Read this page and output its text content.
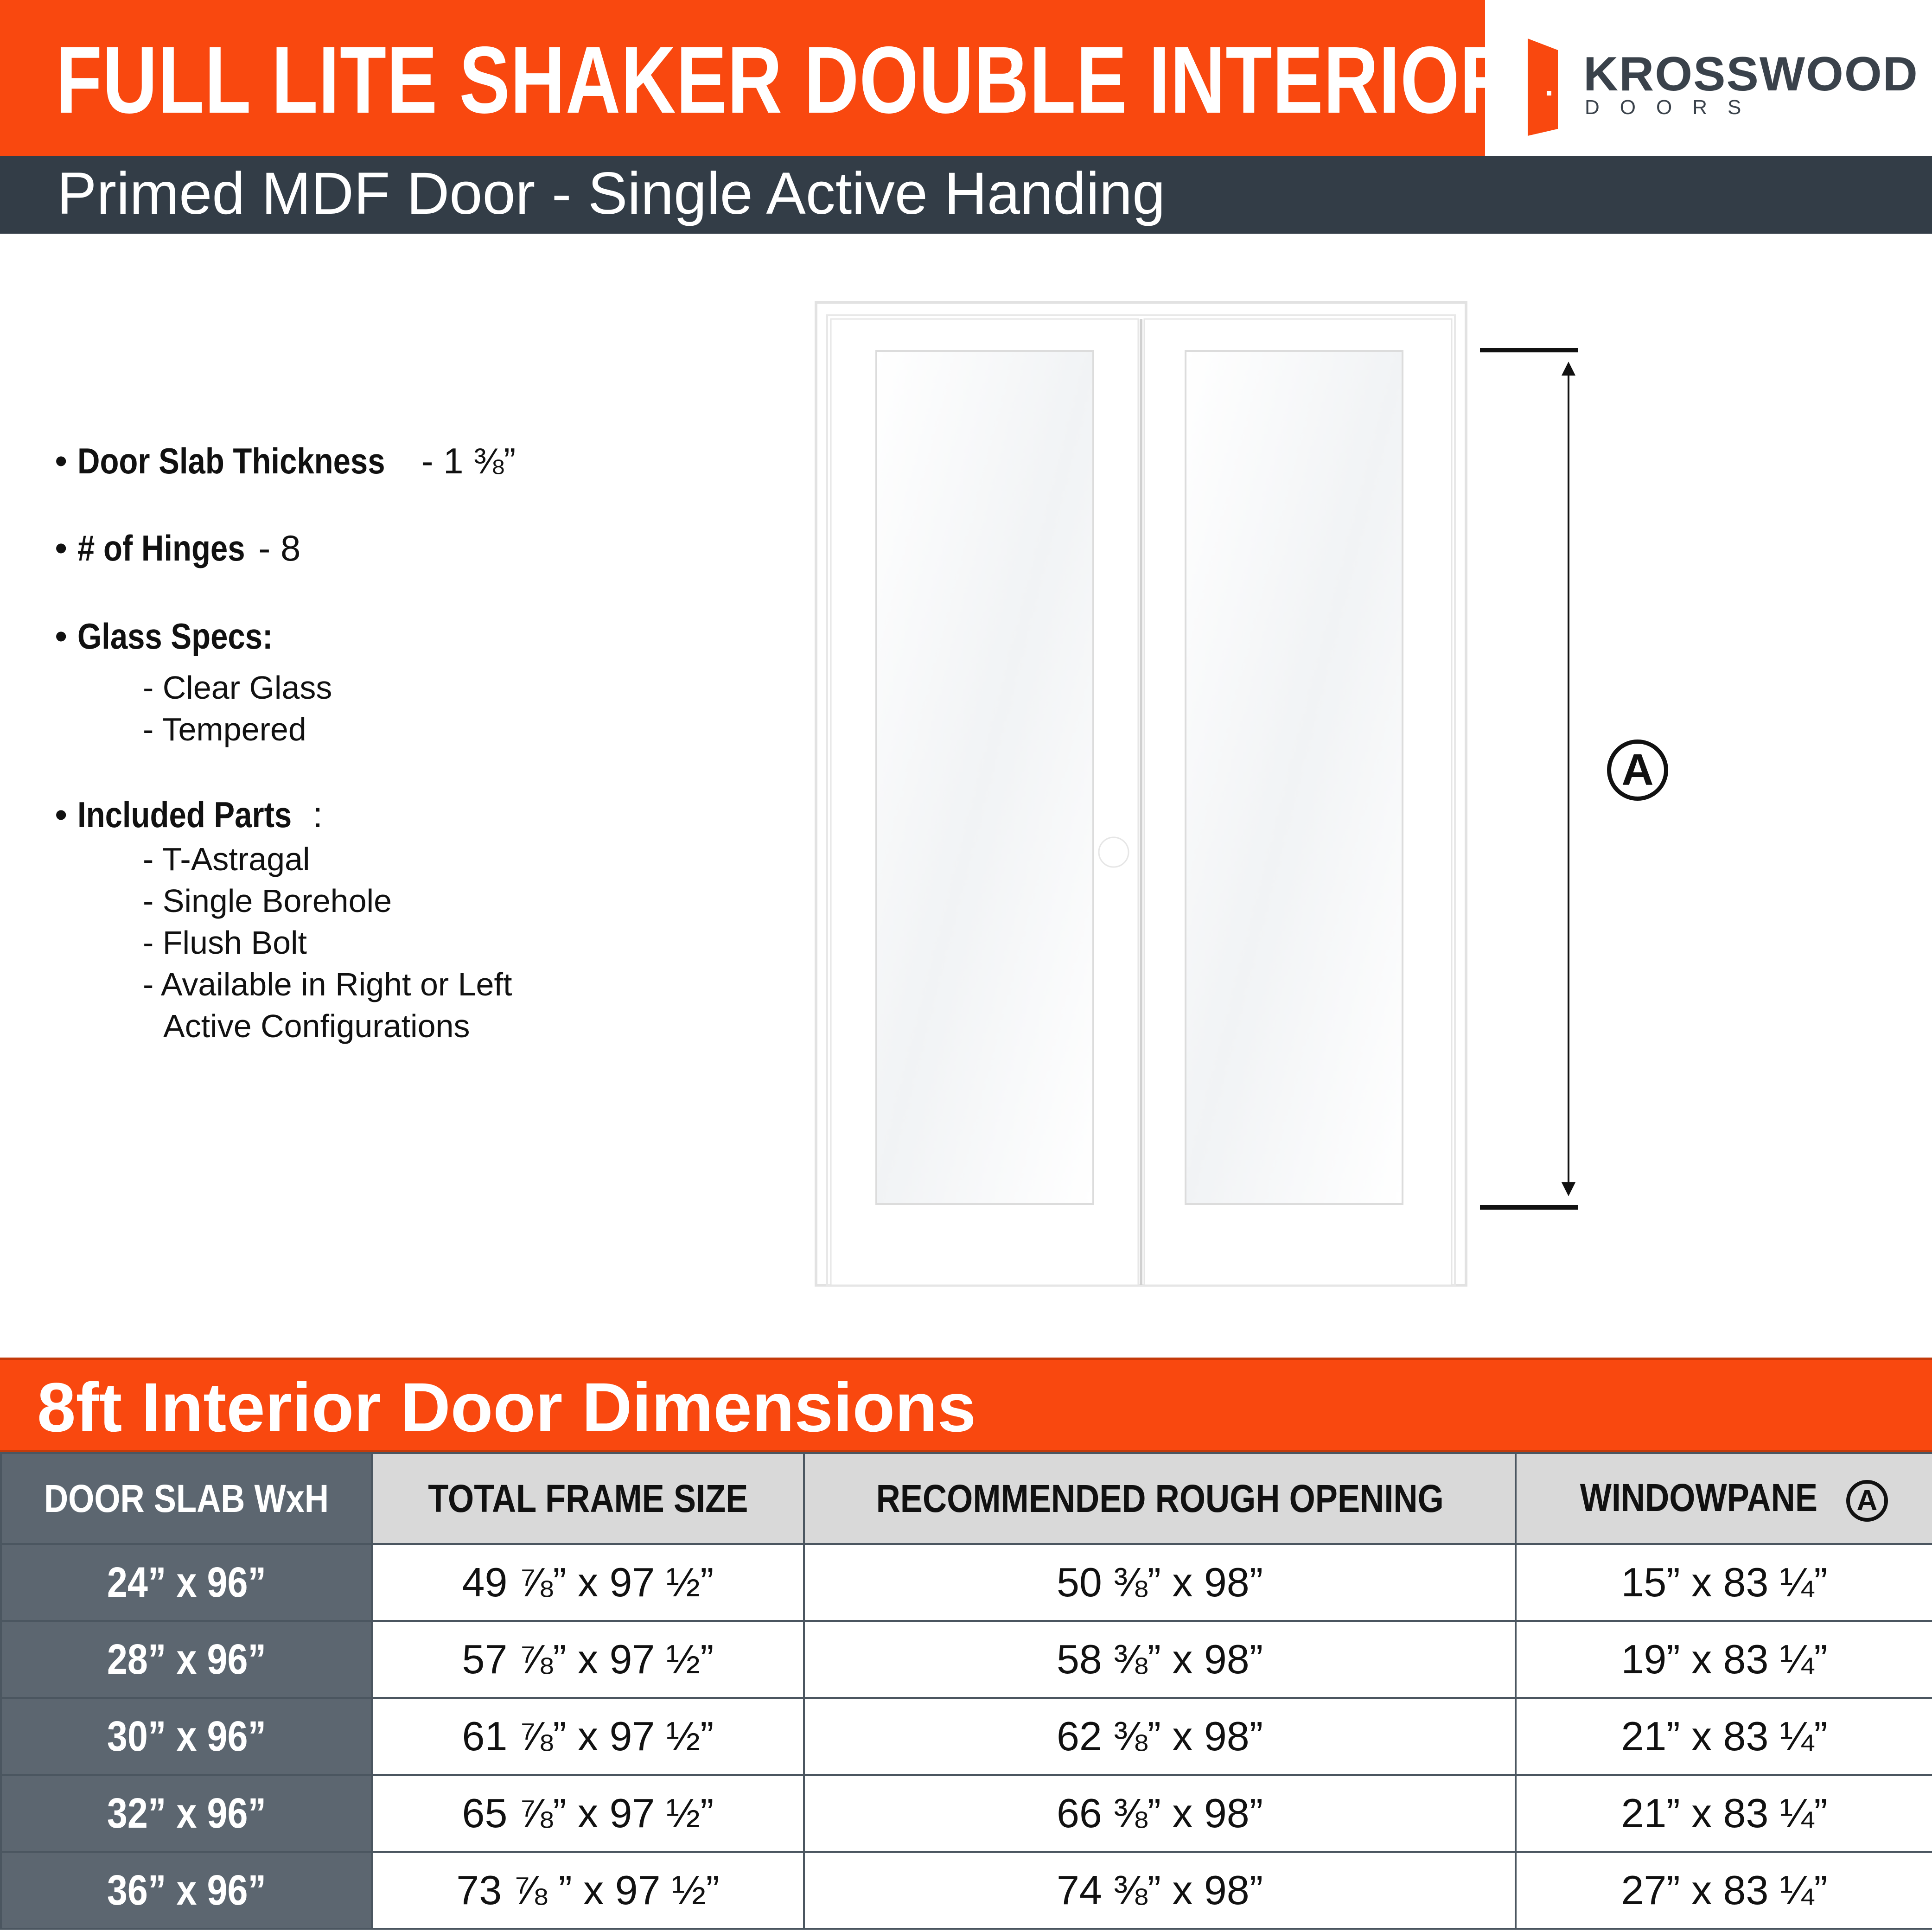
FULL LITE SHAKER DOUBLE INTERIOR KROSSWOOD
DOORS
Primed MDF Door - Single Active Handing
• Door Slab Thickness - 1 ⅜”
• # of Hinges - 8
• Glass Specs:
- Clear Glass
- Tempered
• Included Parts :
- T-Astragal
- Single Borehole
- Flush Bolt
- Available in Right or Left
Active Configurations
A
8ft Interior Door Dimensions
DOOR SLAB WxH	TOTAL FRAME SIZE	RECOMMENDED ROUGH OPENING	WINDOWPANE A
24” x 96”	49 ⅞” x 97 ½”	50 ⅜” x 98”	15” x 83 ¼”
28” x 96”	57 ⅞” x 97 ½”	58 ⅜” x 98”	19” x 83 ¼”
30” x 96”	61 ⅞” x 97 ½”	62 ⅜” x 98”	21” x 83 ¼”
32” x 96”	65 ⅞” x 97 ½”	66 ⅜” x 98”	21” x 83 ¼”
36” x 96”	73 ⅞ ” x 97 ½”	74 ⅜” x 98”	27” x 83 ¼”
